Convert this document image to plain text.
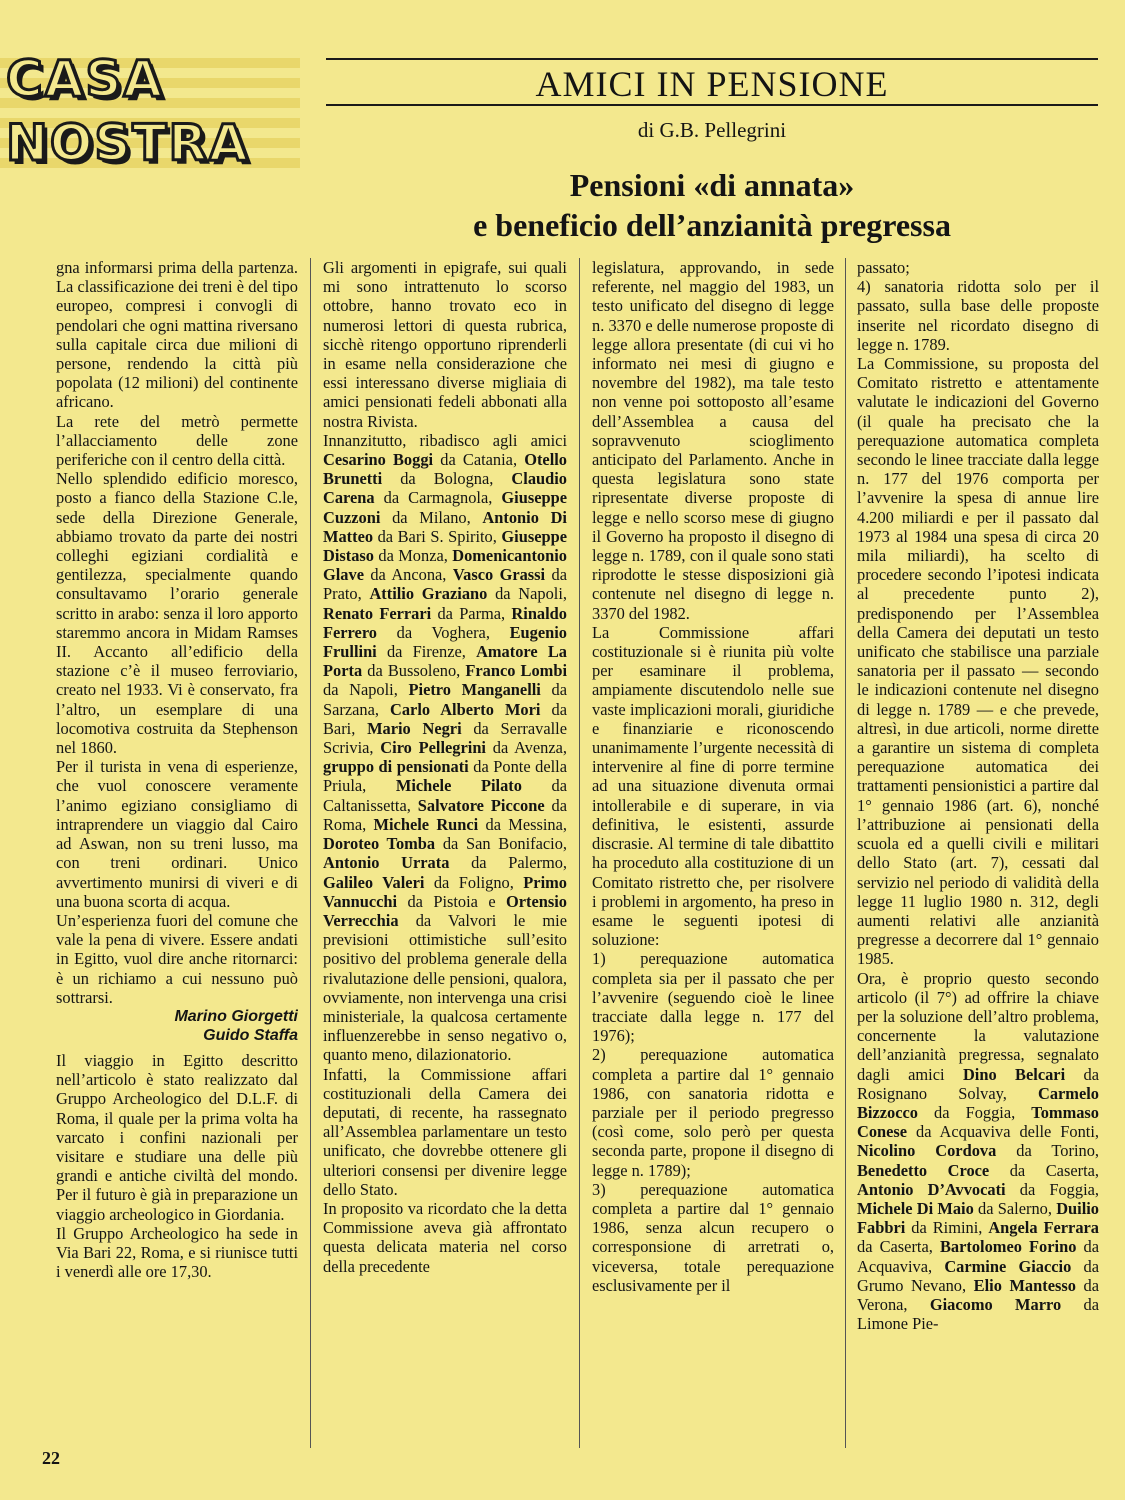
CASA
NOSTRA
AMICI IN PENSIONE
di G.B. Pellegrini
Pensioni «di annata»
e beneficio dell’anzianità pregressa

gna informarsi prima della partenza. La classificazione dei treni è del tipo europeo, compresi i convogli di pendolari che ogni mattina riversano sulla capitale circa due milioni di persone, rendendo la città più popolata (12 milioni) del continente africano.

La rete del metrò permette l’allacciamento delle zone periferiche con il centro della città.

Nello splendido edificio moresco, posto a fianco della Stazione C.le, sede della Direzione Generale, abbiamo trovato da parte dei nostri colleghi egiziani cordialità e gentilezza, specialmente quando consultavamo l’orario generale scritto in arabo: senza il loro apporto staremmo ancora in Midam Ramses II. Accanto all’edificio della stazione c’è il museo ferroviario, creato nel 1933. Vi è conservato, fra l’altro, un esemplare di una locomotiva costruita da Stephenson nel 1860.

Per il turista in vena di esperienze, che vuol conoscere veramente l’animo egiziano consigliamo di intraprendere un viaggio dal Cairo ad Aswan, non su treni lusso, ma con treni ordinari. Unico avvertimento munirsi di viveri e di una buona scorta di acqua.

Un’esperienza fuori del comune che vale la pena di vivere. Essere andati in Egitto, vuol dire anche ritornarci: è un richiamo a cui nessuno può sottrarsi.

Marino Giorgetti
Guido Staffa

Il viaggio in Egitto descritto nell’articolo è stato realizzato dal Gruppo Archeologico del D.L.F. di Roma, il quale per la prima volta ha varcato i confini nazionali per visitare e studiare una delle più grandi e antiche civiltà del mondo. Per il futuro è già in preparazione un viaggio archeologico in Giordania.

Il Gruppo Archeologico ha sede in Via Bari 22, Roma, e si riunisce tutti i venerdì alle ore 17,30.

Gli argomenti in epigrafe, sui quali mi sono intrattenuto lo scorso ottobre, hanno trovato eco in numerosi lettori di questa rubrica, sicchè ritengo opportuno riprenderli in esame nella considerazione che essi interessano diverse migliaia di amici pensionati fedeli abbonati alla nostra Rivista.

Innanzitutto, ribadisco agli amici Cesarino Boggi da Catania, Otello Brunetti da Bologna, Claudio Carena da Carmagnola, Giuseppe Cuzzoni da Milano, Antonio Di Matteo da Bari S. Spirito, Giuseppe Distaso da Monza, Domenicantonio Glave da Ancona, Vasco Grassi da Prato, Attilio Graziano da Napoli, Renato Ferrari da Parma, Rinaldo Ferrero da Voghera, Eugenio Frullini da Firenze, Amatore La Porta da Bussoleno, Franco Lombi da Napoli, Pietro Manganelli da Sarzana, Carlo Alberto Mori da Bari, Mario Negri da Serravalle Scrivia, Ciro Pellegrini da Avenza, gruppo di pensionati da Ponte della Priula, Michele Pilato da Caltanissetta, Salvatore Piccone da Roma, Michele Runci da Messina, Doroteo Tomba da San Bonifacio, Antonio Urrata da Palermo, Galileo Valeri da Foligno, Primo Vannucchi da Pistoia e Ortensio Verrecchia da Valvori le mie previsioni ottimistiche sull’esito positivo del problema generale della rivalutazione delle pensioni, qualora, ovviamente, non intervenga una crisi ministeriale, la qualcosa certamente influenzerebbe in senso negativo o, quanto meno, dilazionatorio.

Infatti, la Commissione affari costituzionali della Camera dei deputati, di recente, ha rassegnato all’Assemblea parlamentare un testo unificato, che dovrebbe ottenere gli ulteriori consensi per divenire legge dello Stato.

In proposito va ricordato che la detta Commissione aveva già affrontato questa delicata materia nel corso della precedente

legislatura, approvando, in sede referente, nel maggio del 1983, un testo unificato del disegno di legge n. 3370 e delle numerose proposte di legge allora presentate (di cui vi ho informato nei mesi di giugno e novembre del 1982), ma tale testo non venne poi sottoposto all’esame dell’Assemblea a causa del sopravvenuto scioglimento anticipato del Parlamento. Anche in questa legislatura sono state ripresentate diverse proposte di legge e nello scorso mese di giugno il Governo ha proposto il disegno di legge n. 1789, con il quale sono stati riprodotte le stesse disposizioni già contenute nel disegno di legge n. 3370 del 1982.

La Commissione affari costituzionale si è riunita più volte per esaminare il problema, ampiamente discutendolo nelle sue vaste implicazioni morali, giuridiche e finanziarie e riconoscendo unanimamente l’urgente necessità di intervenire al fine di porre termine ad una situazione divenuta ormai intollerabile e di superare, in via definitiva, le esistenti, assurde discrasie. Al termine di tale dibattito ha proceduto alla costituzione di un Comitato ristretto che, per risolvere i problemi in argomento, ha preso in esame le seguenti ipotesi di soluzione:

1) perequazione automatica completa sia per il passato che per l’avvenire (seguendo cioè le linee tracciate dalla legge n. 177 del 1976);

2) perequazione automatica completa a partire dal 1° gennaio 1986, con sanatoria ridotta e parziale per il periodo pregresso (così come, solo però per questa seconda parte, propone il disegno di legge n. 1789);

3) perequazione automatica completa a partire dal 1° gennaio 1986, senza alcun recupero o corresponsione di arretrati o, viceversa, totale perequazione esclusivamente per il

passato;

4) sanatoria ridotta solo per il passato, sulla base delle proposte inserite nel ricordato disegno di legge n. 1789.

La Commissione, su proposta del Comitato ristretto e attentamente valutate le indicazioni del Governo (il quale ha precisato che la perequazione automatica completa secondo le linee tracciate dalla legge n. 177 del 1976 comporta per l’avvenire la spesa di annue lire 4.200 miliardi e per il passato dal 1973 al 1984 una spesa di circa 20 mila miliardi), ha scelto di procedere secondo l’ipotesi indicata al precedente punto 2), predisponendo per l’Assemblea della Camera dei deputati un testo unificato che stabilisce una parziale sanatoria per il passato — secondo le indicazioni contenute nel disegno di legge n. 1789 — e che prevede, altresì, in due articoli, norme dirette a garantire un sistema di completa perequazione automatica dei trattamenti pensionistici a partire dal 1° gennaio 1986 (art. 6), nonché l’attribuzione ai pensionati della scuola ed a quelli civili e militari dello Stato (art. 7), cessati dal servizio nel periodo di validità della legge 11 luglio 1980 n. 312, degli aumenti relativi alle anzianità pregresse a decorrere dal 1° gennaio 1985.

Ora, è proprio questo secondo articolo (il 7°) ad offrire la chiave per la soluzione dell’altro problema, concernente la valutazione dell’anzianità pregressa, segnalato dagli amici Dino Belcari da Rosignano Solvay, Carmelo Bizzocco da Foggia, Tommaso Conese da Acquaviva delle Fonti, Nicolino Cordova da Torino, Benedetto Croce da Caserta, Antonio D’Avvocati da Foggia, Michele Di Maio da Salerno, Duilio Fabbri da Rimini, Angela Ferrara da Caserta, Bartolomeo Forino da Acquaviva, Carmine Giaccio da Grumo Nevano, Elio Mantesso da Verona, Giacomo Marro da Limone Pie-

22
